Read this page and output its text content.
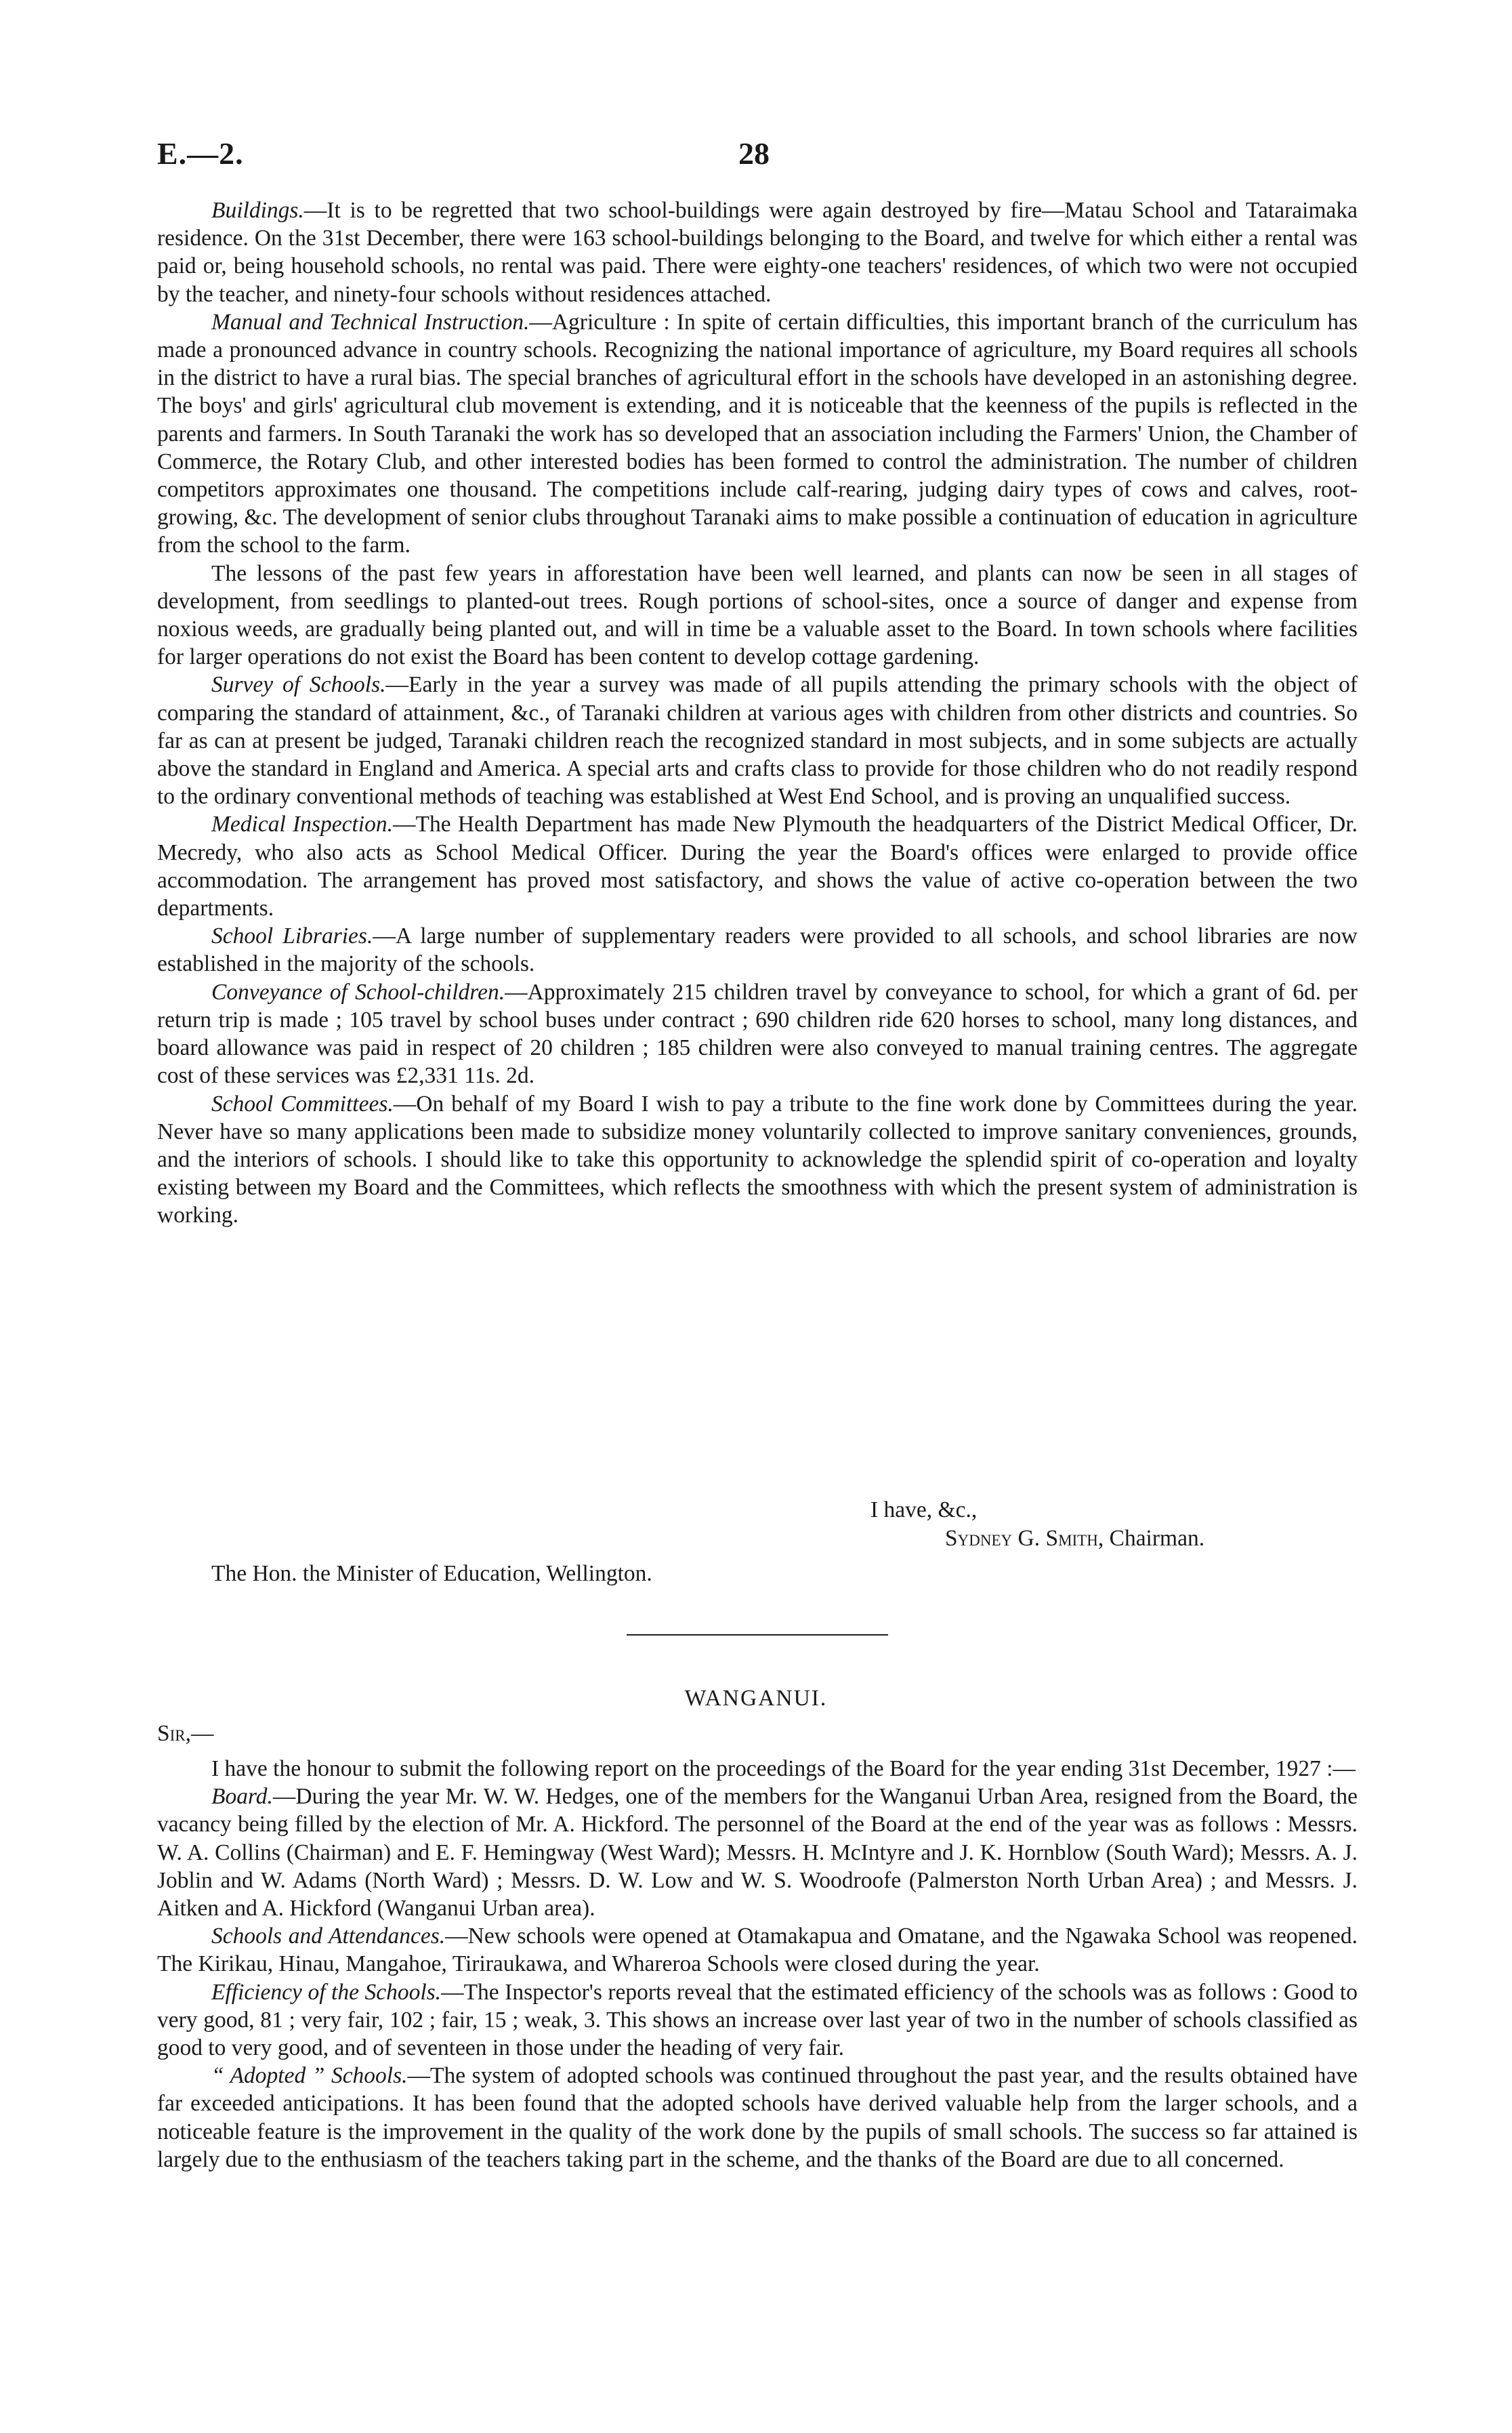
E.—2.	28

Buildings.—It is to be regretted that two school-buildings were again destroyed by fire—Matau School and Tataraimaka residence. On the 31st December, there were 163 school-buildings belonging to the Board, and twelve for which either a rental was paid or, being household schools, no rental was paid. There were eighty-one teachers' residences, of which two were not occupied by the teacher, and ninety-four schools without residences attached.

Manual and Technical Instruction.—Agriculture : In spite of certain difficulties, this important branch of the curriculum has made a pronounced advance in country schools. Recognizing the national importance of agriculture, my Board requires all schools in the district to have a rural bias. The special branches of agricultural effort in the schools have developed in an astonishing degree. The boys' and girls' agricultural club movement is extending, and it is noticeable that the keenness of the pupils is reflected in the parents and farmers. In South Taranaki the work has so developed that an association including the Farmers' Union, the Chamber of Commerce, the Rotary Club, and other interested bodies has been formed to control the administration. The number of children competitors approximates one thousand. The competitions include calf-rearing, judging dairy types of cows and calves, root-growing, &c. The development of senior clubs throughout Taranaki aims to make possible a continuation of education in agriculture from the school to the farm.

The lessons of the past few years in afforestation have been well learned, and plants can now be seen in all stages of development, from seedlings to planted-out trees. Rough portions of school-sites, once a source of danger and expense from noxious weeds, are gradually being planted out, and will in time be a valuable asset to the Board. In town schools where facilities for larger operations do not exist the Board has been content to develop cottage gardening.

Survey of Schools.—Early in the year a survey was made of all pupils attending the primary schools with the object of comparing the standard of attainment, &c., of Taranaki children at various ages with children from other districts and countries. So far as can at present be judged, Taranaki children reach the recognized standard in most subjects, and in some subjects are actually above the standard in England and America. A special arts and crafts class to provide for those children who do not readily respond to the ordinary conventional methods of teaching was established at West End School, and is proving an unqualified success.

Medical Inspection.—The Health Department has made New Plymouth the headquarters of the District Medical Officer, Dr. Mecredy, who also acts as School Medical Officer. During the year the Board's offices were enlarged to provide office accommodation. The arrangement has proved most satisfactory, and shows the value of active co-operation between the two departments.

School Libraries.—A large number of supplementary readers were provided to all schools, and school libraries are now established in the majority of the schools.

Conveyance of School-children.—Approximately 215 children travel by conveyance to school, for which a grant of 6d. per return trip is made ; 105 travel by school buses under contract ; 690 children ride 620 horses to school, many long distances, and board allowance was paid in respect of 20 children ; 185 children were also conveyed to manual training centres. The aggregate cost of these services was £2,331 11s. 2d.

School Committees.—On behalf of my Board I wish to pay a tribute to the fine work done by Committees during the year. Never have so many applications been made to subsidize money voluntarily collected to improve sanitary conveniences, grounds, and the interiors of schools. I should like to take this opportunity to acknowledge the splendid spirit of co-operation and loyalty existing between my Board and the Committees, which reflects the smoothness with which the present system of administration is working.

I have, &c.,
Sydney G. Smith, Chairman.
The Hon. the Minister of Education, Wellington.
WANGANUI.
Sir,—

I have the honour to submit the following report on the proceedings of the Board for the year ending 31st December, 1927 :—

Board.—During the year Mr. W. W. Hedges, one of the members for the Wanganui Urban Area, resigned from the Board, the vacancy being filled by the election of Mr. A. Hickford. The personnel of the Board at the end of the year was as follows : Messrs. W. A. Collins (Chairman) and E. F. Hemingway (West Ward); Messrs. H. McIntyre and J. K. Hornblow (South Ward); Messrs. A. J. Joblin and W. Adams (North Ward) ; Messrs. D. W. Low and W. S. Woodroofe (Palmerston North Urban Area) ; and Messrs. J. Aitken and A. Hickford (Wanganui Urban area).

Schools and Attendances.—New schools were opened at Otamakapua and Omatane, and the Ngawaka School was reopened. The Kirikau, Hinau, Mangahoe, Tiriraukawa, and Whareroa Schools were closed during the year.

Efficiency of the Schools.—The Inspector's reports reveal that the estimated efficiency of the schools was as follows : Good to very good, 81 ; very fair, 102 ; fair, 15 ; weak, 3. This shows an increase over last year of two in the number of schools classified as good to very good, and of seventeen in those under the heading of very fair.

“ Adopted ” Schools.—The system of adopted schools was continued throughout the past year, and the results obtained have far exceeded anticipations. It has been found that the adopted schools have derived valuable help from the larger schools, and a noticeable feature is the improvement in the quality of the work done by the pupils of small schools. The success so far attained is largely due to the enthusiasm of the teachers taking part in the scheme, and the thanks of the Board are due to all concerned.
